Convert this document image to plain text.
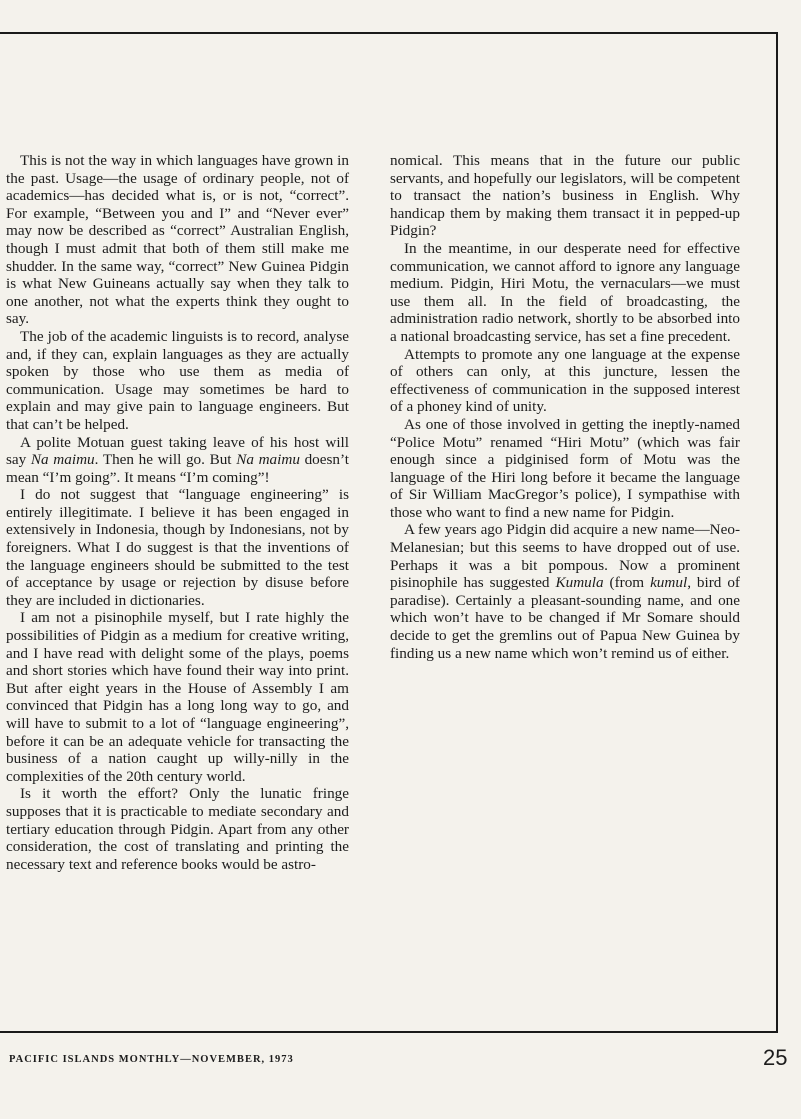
This is not the way in which languages have grown in the past. Usage—the usage of ordinary people, not of academics—has decided what is, or is not, “correct”. For example, “Between you and I” and “Never ever” may now be described as “correct” Australian English, though I must admit that both of them still make me shudder. In the same way, “correct” New Guinea Pidgin is what New Guineans actually say when they talk to one another, not what the experts think they ought to say.

The job of the academic linguists is to record, analyse and, if they can, explain languages as they are actually spoken by those who use them as media of communication. Usage may sometimes be hard to explain and may give pain to language engineers. But that can’t be helped.

A polite Motuan guest taking leave of his host will say Na maimu. Then he will go. But Na maimu doesn’t mean “I’m going”. It means “I’m coming”!

I do not suggest that “language engineering” is entirely illegitimate. I believe it has been engaged in extensively in Indonesia, though by Indonesians, not by foreigners. What I do suggest is that the inventions of the language engineers should be submitted to the test of acceptance by usage or rejection by disuse before they are included in dictionaries.

I am not a pisinophile myself, but I rate highly the possibilities of Pidgin as a medium for creative writing, and I have read with delight some of the plays, poems and short stories which have found their way into print. But after eight years in the House of Assembly I am convinced that Pidgin has a long long way to go, and will have to submit to a lot of “language engineering”, before it can be an adequate vehicle for transacting the business of a nation caught up willy-nilly in the complexities of the 20th century world.

Is it worth the effort? Only the lunatic fringe supposes that it is practicable to mediate secondary and tertiary education through Pidgin. Apart from any other consideration, the cost of translating and printing the necessary text and reference books would be astro-

nomical. This means that in the future our public servants, and hopefully our legislators, will be competent to transact the nation’s business in English. Why handicap them by making them transact it in pepped-up Pidgin?

In the meantime, in our desperate need for effective communication, we cannot afford to ignore any language medium. Pidgin, Hiri Motu, the vernaculars—we must use them all. In the field of broadcasting, the administration radio network, shortly to be absorbed into a national broadcasting service, has set a fine precedent.

Attempts to promote any one language at the expense of others can only, at this juncture, lessen the effectiveness of communication in the supposed interest of a phoney kind of unity.

As one of those involved in getting the ineptly-named “Police Motu” renamed “Hiri Motu” (which was fair enough since a pidginised form of Motu was the language of the Hiri long before it became the language of Sir William MacGregor’s police), I sympathise with those who want to find a new name for Pidgin.

A few years ago Pidgin did acquire a new name—Neo-Melanesian; but this seems to have dropped out of use. Perhaps it was a bit pompous. Now a prominent pisinophile has suggested Kumula (from kumul, bird of paradise). Certainly a pleasant-sounding name, and one which won’t have to be changed if Mr Somare should decide to get the gremlins out of Papua New Guinea by finding us a new name which won’t remind us of either.

PACIFIC ISLANDS MONTHLY—NOVEMBER, 1973	25
